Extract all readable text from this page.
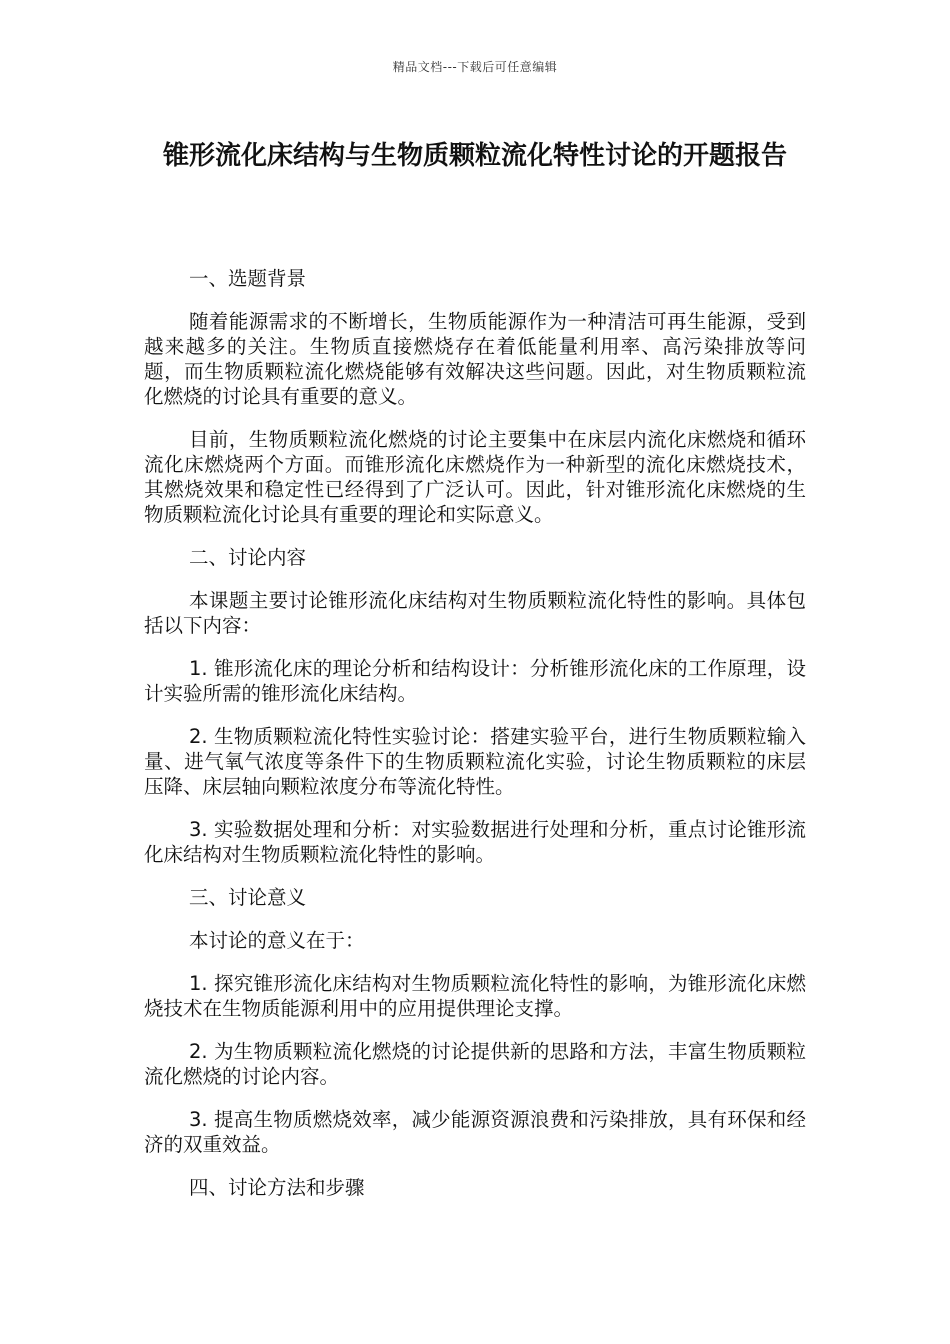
精品文档---下载后可任意编辑
锥形流化床结构与生物质颗粒流化特性讨论的开题报告

一、选题背景

随着能源需求的不断增长，生物质能源作为一种清洁可再生能源，受到越来越多的关注。生物质直接燃烧存在着低能量利用率、高污染排放等问题，而生物质颗粒流化燃烧能够有效解决这些问题。因此，对生物质颗粒流化燃烧的讨论具有重要的意义。

目前，生物质颗粒流化燃烧的讨论主要集中在床层内流化床燃烧和循环流化床燃烧两个方面。而锥形流化床燃烧作为一种新型的流化床燃烧技术，其燃烧效果和稳定性已经得到了广泛认可。因此，针对锥形流化床燃烧的生物质颗粒流化讨论具有重要的理论和实际意义。

二、讨论内容

本课题主要讨论锥形流化床结构对生物质颗粒流化特性的影响。具体包括以下内容：

1. 锥形流化床的理论分析和结构设计：分析锥形流化床的工作原理，设计实验所需的锥形流化床结构。

2. 生物质颗粒流化特性实验讨论：搭建实验平台，进行生物质颗粒输入量、进气氧气浓度等条件下的生物质颗粒流化实验，讨论生物质颗粒的床层压降、床层轴向颗粒浓度分布等流化特性。

3. 实验数据处理和分析：对实验数据进行处理和分析，重点讨论锥形流化床结构对生物质颗粒流化特性的影响。

三、讨论意义

本讨论的意义在于：

1. 探究锥形流化床结构对生物质颗粒流化特性的影响，为锥形流化床燃烧技术在生物质能源利用中的应用提供理论支撑。

2. 为生物质颗粒流化燃烧的讨论提供新的思路和方法，丰富生物质颗粒流化燃烧的讨论内容。

3. 提高生物质燃烧效率，减少能源资源浪费和污染排放，具有环保和经济的双重效益。

四、讨论方法和步骤
